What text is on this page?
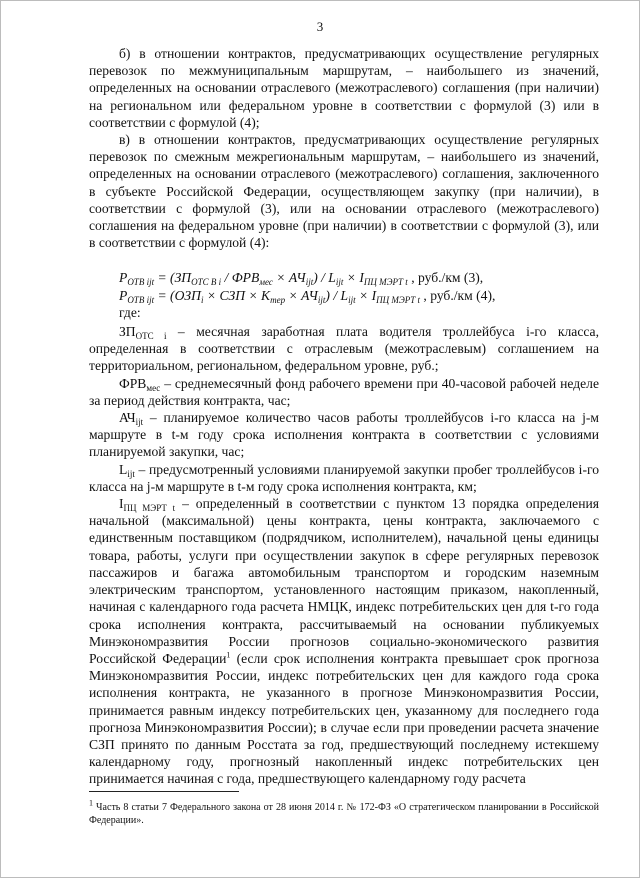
3

б) в отношении контрактов, предусматривающих осуществление регулярных перевозок по межмуниципальным маршрутам, – наибольшего из значений, определенных на основании отраслевого (межотраслевого) соглашения (при наличии) на региональном или федеральном уровне в соответствии с формулой (3) или в соответствии с формулой (4);

в) в отношении контрактов, предусматривающих осуществление регулярных перевозок по смежным межрегиональным маршрутам, – наибольшего из значений, определенных на основании отраслевого (межотраслевого) соглашения, заключенного в субъекте Российской Федерации, осуществляющем закупку (при наличии), в соответствии с формулой (3), или на основании отраслевого (межотраслевого) соглашения на федеральном уровне (при наличии) в соответствии с формулой (3), или в соответствии с формулой (4):

$P_{ОТВ ijt} = (ЗП_{ОТС В i} / ФРВ_{мес} \times АЧ_{ijt}) / L_{ijt} \times I_{ПЦ МЭРТ t}$ , руб./км (3),

$P_{ОТВ ijt} = (ОЗП_i$ × СЗП × $K_{тер} \times АЧ_{ijt}) / L_{ijt} \times I_{ПЦ МЭРТ t}$ , руб./км (4),

где:

$ЗП_{ОТС i}$ – месячная заработная плата водителя троллейбуса i-го класса, определенная в соответствии с отраслевым (межотраслевым) соглашением на территориальном, региональном, федеральном уровне, руб.;

$ФРВ_{мес}$ – среднемесячный фонд рабочего времени при 40-часовой рабочей неделе за период действия контракта, час;

$АЧ_{ijt}$ – планируемое количество часов работы троллейбусов i-го класса на j-м маршруте в t-м году срока исполнения контракта в соответствии с условиями планируемой закупки, час;

$L_{ijt}$ – предусмотренный условиями планируемой закупки пробег троллейбусов i-го класса на j-м маршруте в t-м году срока исполнения контракта, км;

$I_{ПЦ МЭРТ t}$ – определенный в соответствии с пунктом 13 порядка определения начальной (максимальной) цены контракта, цены контракта, заключаемого с единственным поставщиком (подрядчиком, исполнителем), начальной цены единицы товара, работы, услуги при осуществлении закупок в сфере регулярных перевозок пассажиров и багажа автомобильным транспортом и городским наземным электрическим транспортом, установленного настоящим приказом, накопленный, начиная с календарного года расчета НМЦК, индекс потребительских цен для t-го года срока исполнения контракта, рассчитываемый на основании публикуемых Минэкономразвития России прогнозов социально-экономического развития Российской Федерации$^1$ (если срок исполнения контракта превышает срок прогноза Минэкономразвития России, индекс потребительских цен для каждого года срока исполнения контракта, не указанного в прогнозе Минэкономразвития России, принимается равным индексу потребительских цен, указанному для последнего года прогноза Минэкономразвития России); в случае если при проведении расчета значение СЗП принято по данным Росстата за год, предшествующий последнему истекшему календарному году, прогнозный накопленный индекс потребительских цен принимается начиная с года, предшествующего календарному году расчета

$^1$ Часть 8 статьи 7 Федерального закона от 28 июня 2014 г. № 172-ФЗ «О стратегическом планировании в Российской Федерации».
